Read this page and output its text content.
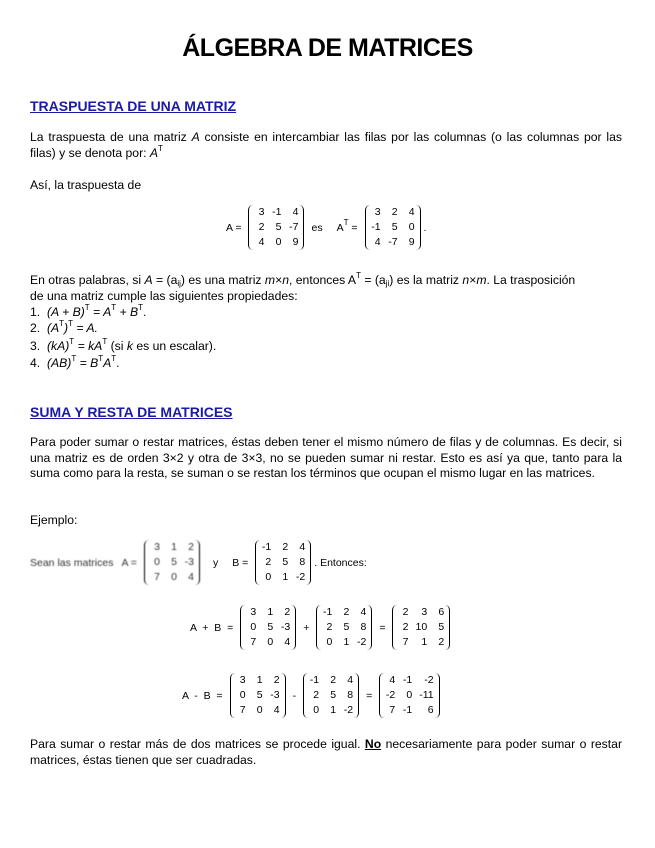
ÁLGEBRA DE MATRICES
TRASPUESTA DE UNA MATRIZ
La traspuesta de una matriz A consiste en intercambiar las filas por las columnas (o las columnas por las filas) y se denota por: $A^T$
Así, la traspuesta de
A =
3 -1	4
2	5 -7
4	0	9
es $A^T$ =
3	2	4
-1	5	0
4 -7	9
.
En otras palabras, si $A = (a_{ij})$ es una matriz m×n, entonces $A^T = (a_{ji})$ es la matriz n×m. La trasposición
de una matriz cumple las siguientes propiedades:
1. $(A + B)^T = A^T + B^T$.
2. $(A^T)^T = A$.
3. $(kA)^T = kA^T$ (si k es un escalar).
4. $(AB)^T = B^TA^T$.
SUMA Y RESTA DE MATRICES
Para poder sumar o restar matrices, éstas deben tener el mismo número de filas y de columnas. Es decir, si una matriz es de orden 3×2 y otra de 3×3, no se pueden sumar ni restar. Esto es así ya que, tanto para la suma como para la resta, se suman o se restan los términos que ocupan el mismo lugar en las matrices.
Ejemplo:
Sean las matrices A =
3	1	2
0	5 -3
7	0	4
y B =
-1	2	4
2	5	8
0	1 -2
. Entonces:
A  +  B  =
3	1	2
0	5 -3
7	0	4
+
-1	2	4
2	5	8
0	1 -2
=
2	3	6
2 10	5
7	1	2
A  -  B  =
3	1	2
0	5 -3
7	0	4
-
-1	2	4
2	5	8
0	1 -2
=
4 -1	-2
-2	0 -11
7 -1	6
Para sumar o restar más de dos matrices se procede igual. No necesariamente para poder sumar o restar matrices, éstas tienen que ser cuadradas.
